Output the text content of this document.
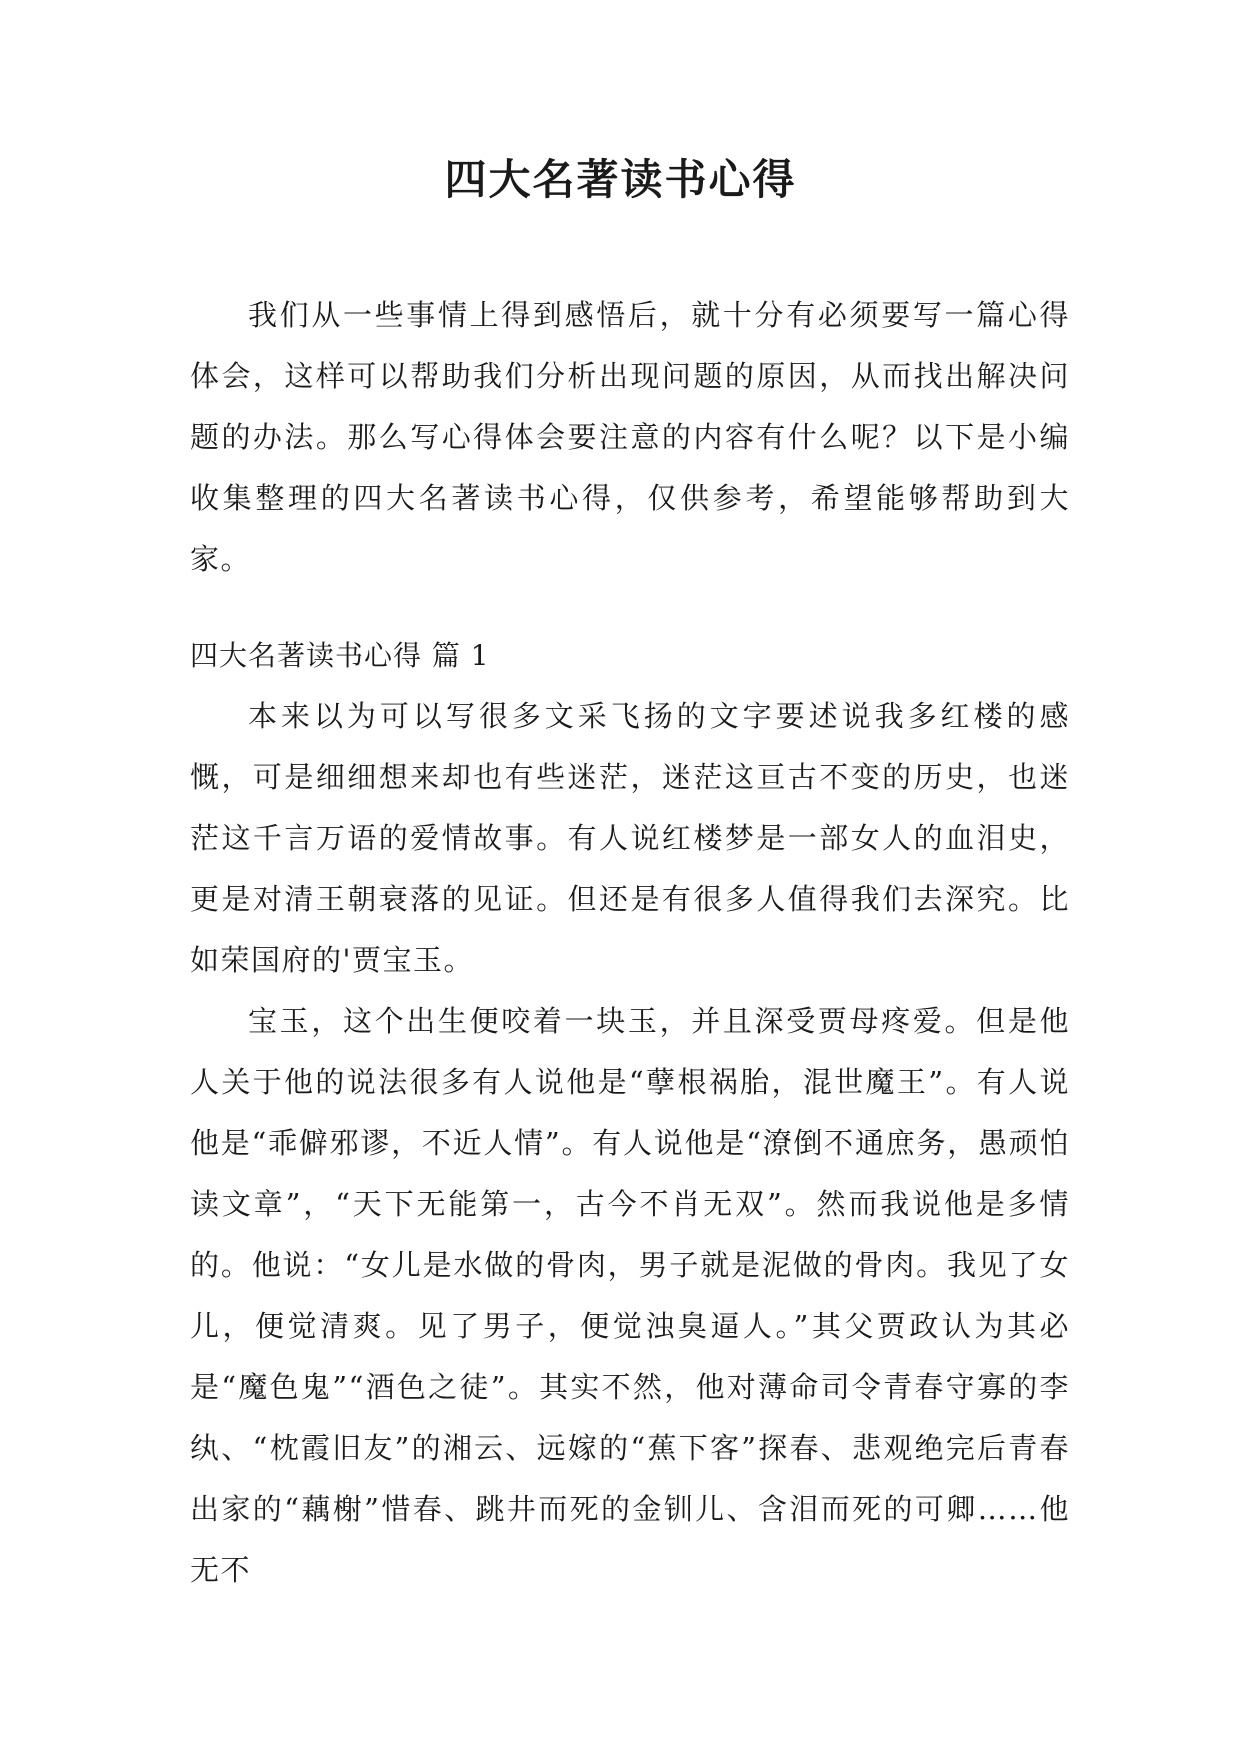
四大名著读书心得

我们从一些事情上得到感悟后，就十分有必须要写一篇心得体会，这样可以帮助我们分析出现问题的原因，从而找出解决问题的办法。那么写心得体会要注意的内容有什么呢？以下是小编收集整理的四大名著读书心得，仅供参考，希望能够帮助到大家。

四大名著读书心得 篇 1

本来以为可以写很多文采飞扬的文字要述说我多红楼的感慨，可是细细想来却也有些迷茫，迷茫这亘古不变的历史，也迷茫这千言万语的爱情故事。有人说红楼梦是一部女人的血泪史，更是对清王朝衰落的见证。但还是有很多人值得我们去深究。比如荣国府的'贾宝玉。

宝玉，这个出生便咬着一块玉，并且深受贾母疼爱。但是他人关于他的说法很多有人说他是“孽根祸胎，混世魔王”。有人说他是“乖僻邪谬，不近人情”。有人说他是“潦倒不通庶务，愚顽怕读文章”，“天下无能第一，古今不肖无双”。然而我说他是多情的。他说：“女儿是水做的骨肉，男子就是泥做的骨肉。我见了女儿，便觉清爽。见了男子，便觉浊臭逼人。”其父贾政认为其必是“魔色鬼”“酒色之徒”。其实不然，他对薄命司令青春守寡的李纨、“枕霞旧友”的湘云、远嫁的“蕉下客”探春、悲观绝完后青春出家的“藕榭”惜春、跳井而死的金钏儿、含泪而死的可卿……他无不
